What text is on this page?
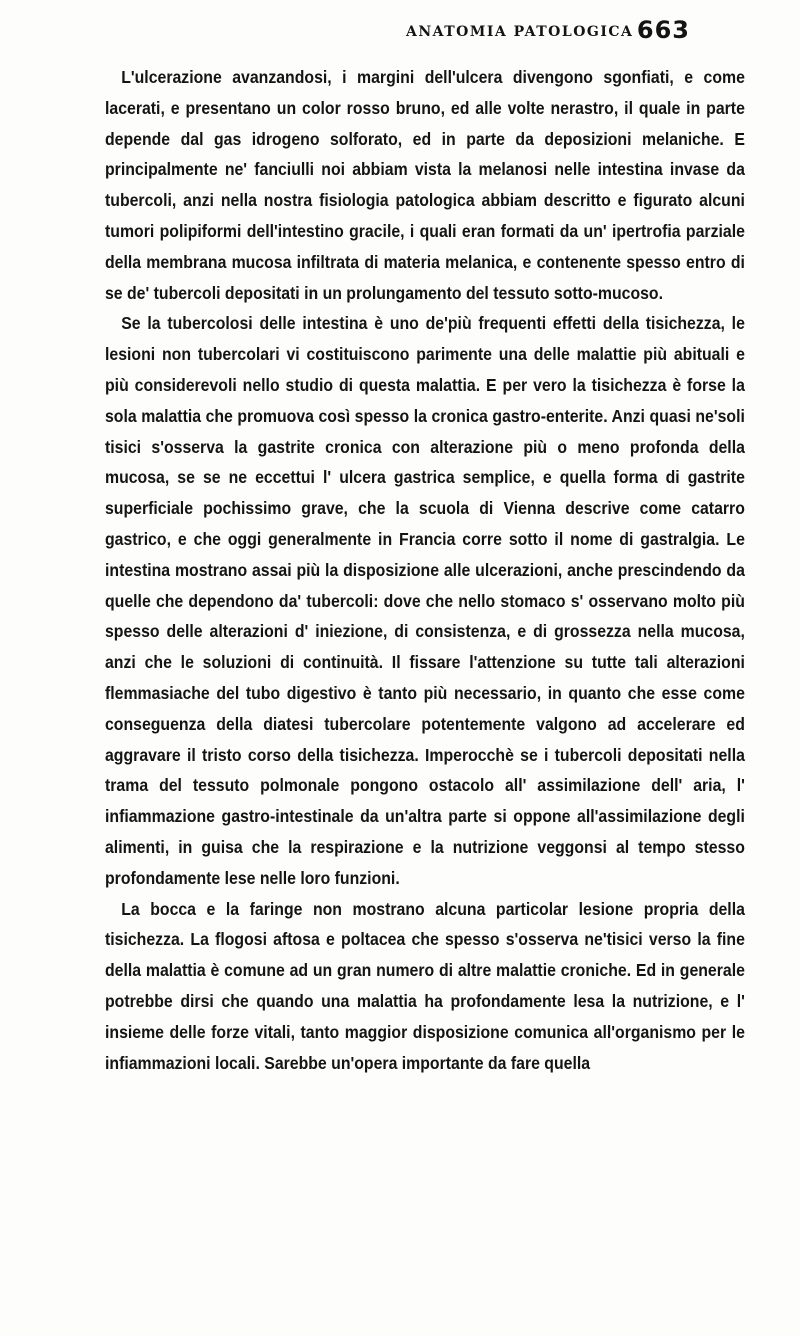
ANATOMIA PATOLOGICA 663

L'ulcerazione avanzandosi, i margini dell'ulcera divengono sgonfiati, e come lacerati, e presentano un color rosso bruno, ed alle volte nerastro, il quale in parte depende dal gas idrogeno solforato, ed in parte da deposizioni melaniche. E principalmente ne' fanciulli noi abbiam vista la melanosi nelle intestina invase da tubercoli, anzi nella nostra fisiologia patologica abbiam descritto e figurato alcuni tumori polipiformi dell'intestino gracile, i quali eran formati da un' ipertrofia parziale della membrana mucosa infiltrata di materia melanica, e contenente spesso entro di se de' tubercoli depositati in un prolungamento del tessuto sotto-mucoso.

Se la tubercolosi delle intestina è uno de'più frequenti effetti della tisichezza, le lesioni non tubercolari vi costituiscono parimente una delle malattie più abituali e più considerevoli nello studio di questa malattia. E per vero la tisichezza è forse la sola malattia che promuova così spesso la cronica gastro-enterite. Anzi quasi ne'soli tisici s'osserva la gastrite cronica con alterazione più o meno profonda della mucosa, se se ne eccettui l' ulcera gastrica semplice, e quella forma di gastrite superficiale pochissimo grave, che la scuola di Vienna descrive come catarro gastrico, e che oggi generalmente in Francia corre sotto il nome di gastralgia. Le intestina mostrano assai più la disposizione alle ulcerazioni, anche prescindendo da quelle che dependono da' tubercoli: dove che nello stomaco s' osservano molto più spesso delle alterazioni d' iniezione, di consistenza, e di grossezza nella mucosa, anzi che le soluzioni di continuità. Il fissare l'attenzione su tutte tali alterazioni flemmasiache del tubo digestivo è tanto più necessario, in quanto che esse come conseguenza della diatesi tubercolare potentemente valgono ad accelerare ed aggravare il tristo corso della tisichezza. Imperocchè se i tubercoli depositati nella trama del tessuto polmonale pongono ostacolo all' assimilazione dell' aria, l' infiammazione gastro-intestinale da un'altra parte si oppone all'assimilazione degli alimenti, in guisa che la respirazione e la nutrizione veggonsi al tempo stesso profondamente lese nelle loro funzioni.

La bocca e la faringe non mostrano alcuna particolar lesione propria della tisichezza. La flogosi aftosa e poltacea che spesso s'osserva ne'tisici verso la fine della malattia è comune ad un gran numero di altre malattie croniche. Ed in generale potrebbe dirsi che quando una malattia ha profondamente lesa la nutrizione, e l' insieme delle forze vitali, tanto maggior disposizione comunica all'organismo per le infiammazioni locali. Sarebbe un'opera importante da fare quella
